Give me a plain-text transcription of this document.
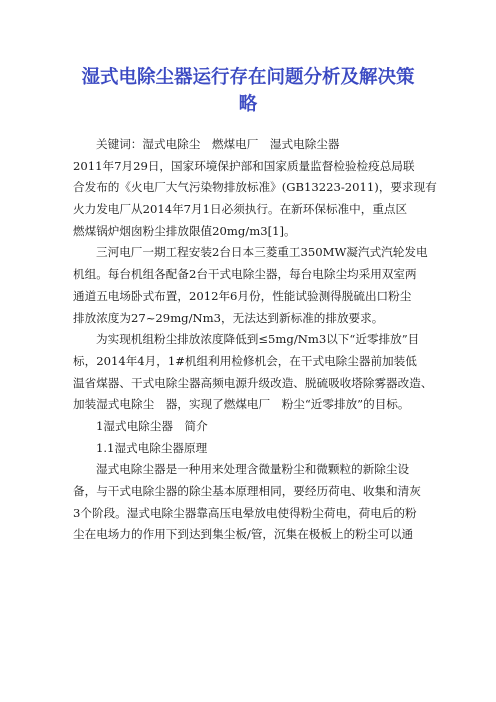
湿式电除尘器运行存在问题分析及解决策
略
关键词：湿式电除尘　燃煤电厂　湿式电除尘器
2011年7月29日，国家环境保护部和国家质量监督检验检疫总局联
合发布的《火电厂大气污染物排放标准》(GB13223-2011)，要求现有
火力发电厂从2014年7月1日必须执行。在新环保标准中，重点区
燃煤锅炉烟囱粉尘排放限值20mg/m3[1]。
三河电厂一期工程安装2台日本三菱重工350MW凝汽式汽轮发电
机组。每台机组各配备2台干式电除尘器，每台电除尘均采用双室两
通道五电场卧式布置，2012年6月份，性能试验测得脱硫出口粉尘
排放浓度为27~29mg/Nm3，无法达到新标准的排放要求。
为实现机组粉尘排放浓度降低到≤5mg/Nm3以下“近零排放”目
标，2014年4月，1#机组利用检修机会，在干式电除尘器前加装低
温省煤器、干式电除尘器高频电源升级改造、脱硫吸收塔除雾器改造、
加装湿式电除尘　器，实现了燃煤电厂　粉尘“近零排放”的目标。
1湿式电除尘器　简介
1.1湿式电除尘器原理
湿式电除尘器是一种用来处理含微量粉尘和微颗粒的新除尘设
备，与干式电除尘器的除尘基本原理相同，要经历荷电、收集和清灰
3个阶段。湿式电除尘器靠高压电晕放电使得粉尘荷电，荷电后的粉
尘在电场力的作用下到达到集尘板/管，沉集在极板上的粉尘可以通
